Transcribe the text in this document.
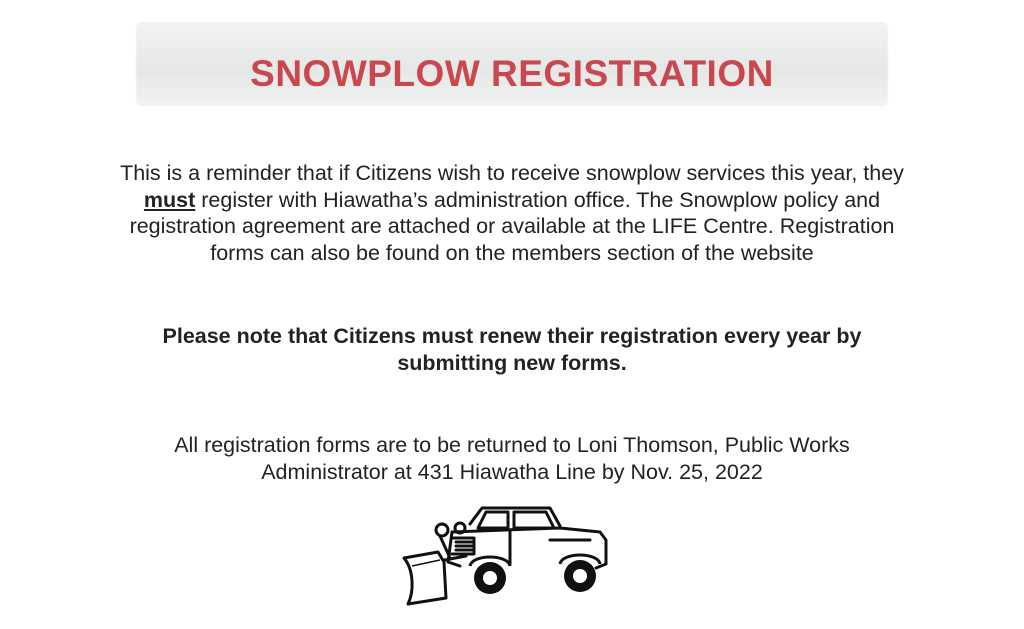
SNOWPLOW REGISTRATION
This is a reminder that if Citizens wish to receive snowplow services this year, they must register with Hiawatha’s administration office. The Snowplow policy and registration agreement are attached or available at the LIFE Centre. Registration forms can also be found on the members section of the website
Please note that Citizens must renew their registration every year by submitting new forms.
All registration forms are to be returned to Loni Thomson, Public Works Administrator at 431 Hiawatha Line by Nov. 25, 2022
